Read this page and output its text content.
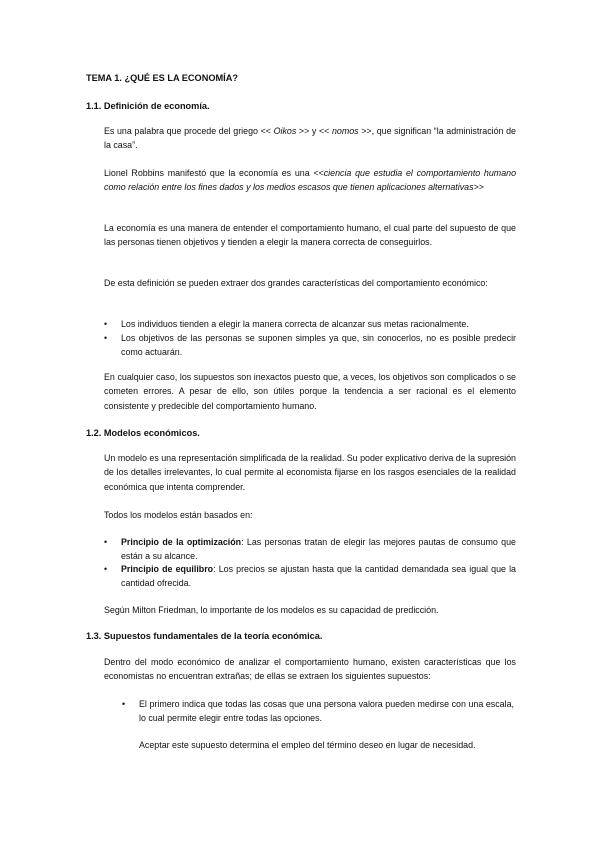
TEMA 1. ¿QUÉ ES LA ECONOMÍA?
1.1. Definición de economía.

Es una palabra que procede del griego << Oikos >> y << nomos >>, que significan “la administración de la casa”.

Lionel Robbins manifestó que la economía es una <<ciencia que estudia el comportamiento humano como relación entre los fines dados y los medios escasos que tienen aplicaciones alternativas>>

La economía es una manera de entender el comportamiento humano, el cual parte del supuesto de que las personas tienen objetivos y tienden a elegir la manera correcta de conseguirlos.

De esta definición se pueden extraer dos grandes características del comportamiento económico:

• Los individuos tienden a elegir la manera correcta de alcanzar sus metas racionalmente.
• Los objetivos de las personas se suponen simples ya que, sin conocerlos, no es posible predecir como actuarán.

En cualquier caso, los supuestos son inexactos puesto que, a veces, los objetivos son complicados o se cometen errores. A pesar de ello, son útiles porque la tendencia a ser racional es el elemento consistente y predecible del comportamiento humano.

1.2. Modelos económicos.

Un modelo es una representación simplificada de la realidad. Su poder explicativo deriva de la supresión de los detalles irrelevantes, lo cual permite al economista fijarse en los rasgos esenciales de la realidad económica que intenta comprender.

Todos los modelos están basados en:

• Principio de la optimización: Las personas tratan de elegir las mejores pautas de consumo que están a su alcance.
• Principio de equilibro: Los precios se ajustan hasta que la cantidad demandada sea igual que la cantidad ofrecida.

Según Milton Friedman, lo importante de los modelos es su capacidad de predicción.

1.3. Supuestos fundamentales de la teoría económica.

Dentro del modo económico de analizar el comportamiento humano, existen características que los economistas no encuentran extrañas; de ellas se extraen los siguientes supuestos:

• El primero indica que todas las cosas que una persona valora pueden medirse con una escala, lo cual permite elegir entre todas las opciones.

Aceptar este supuesto determina el empleo del término deseo en lugar de necesidad.
